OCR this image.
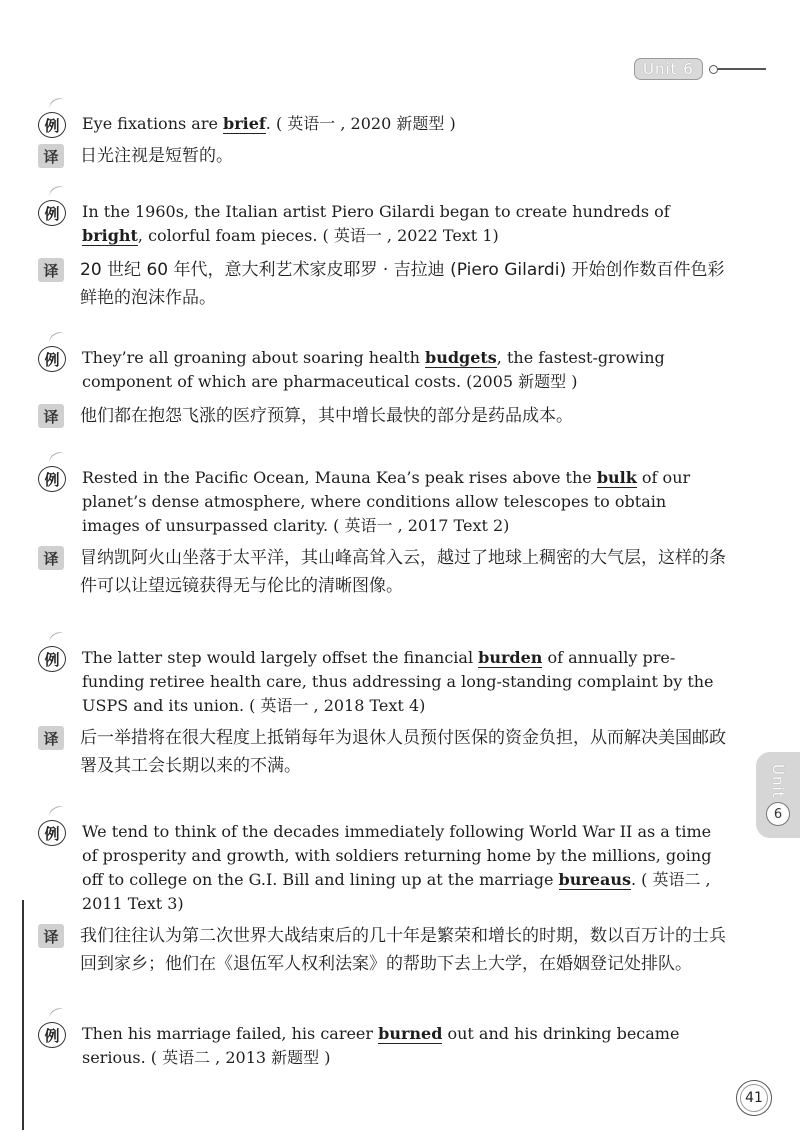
Unit 6
Unit
6
例	Eye fixations are brief. ( 英语一 , 2020 新题型 )
译	日光注视是短暂的。
例	In the 1960s, the Italian artist Piero Gilardi began to create hundreds of bright, colorful foam pieces. ( 英语一 , 2022 Text 1)
译	20 世纪 60 年代，意大利艺术家皮耶罗 · 吉拉迪 (Piero Gilardi) 开始创作数百件色彩鲜艳的泡沫作品。
例	They’re all groaning about soaring health budgets, the fastest-growing component of which are pharmaceutical costs. (2005 新题型 )
译	他们都在抱怨飞涨的医疗预算，其中增长最快的部分是药品成本。
例	Rested in the Pacific Ocean, Mauna Kea’s peak rises above the bulk of our planet’s dense atmosphere, where conditions allow telescopes to obtain images of unsurpassed clarity. ( 英语一 , 2017 Text 2)
译	冒纳凯阿火山坐落于太平洋，其山峰高耸入云，越过了地球上稠密的大气层，这样的条件可以让望远镜获得无与伦比的清晰图像。
例	The latter step would largely offset the financial burden of annually pre-funding retiree health care, thus addressing a long-standing complaint by the USPS and its union. ( 英语一 , 2018 Text 4)
译	后一举措将在很大程度上抵销每年为退休人员预付医保的资金负担，从而解决美国邮政署及其工会长期以来的不满。
例	We tend to think of the decades immediately following World War II as a time of prosperity and growth, with soldiers returning home by the millions, going off to college on the G.I. Bill and lining up at the marriage bureaus. ( 英语二 , 2011 Text 3)
译	我们往往认为第二次世界大战结束后的几十年是繁荣和增长的时期，数以百万计的士兵回到家乡；他们在《退伍军人权利法案》的帮助下去上大学，在婚姻登记处排队。
例	Then his marriage failed, his career burned out and his drinking became serious. ( 英语二 , 2013 新题型 )
41
